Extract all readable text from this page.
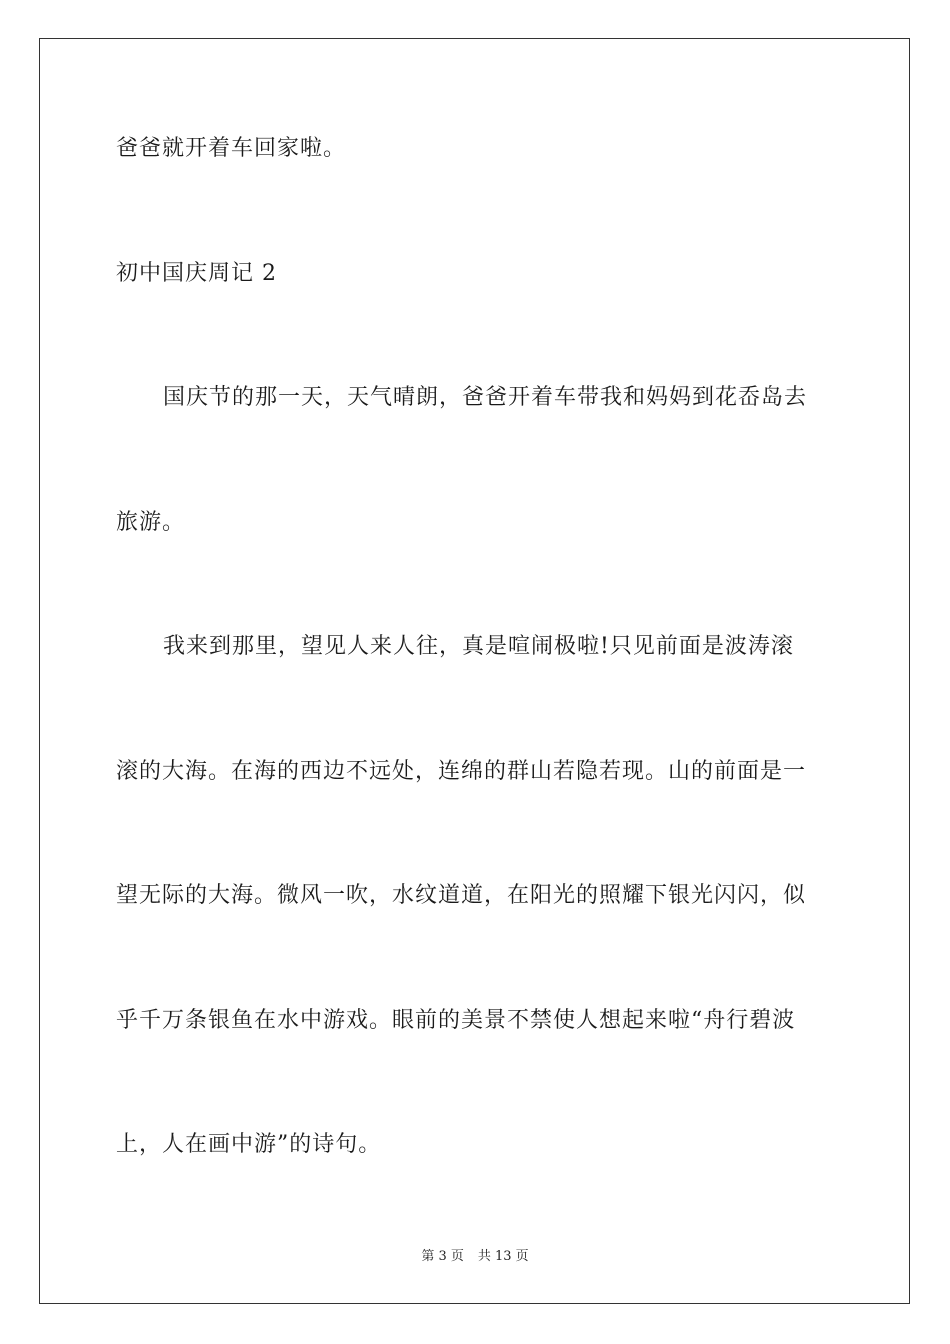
爸爸就开着车回家啦。
初中国庆周记 2
国庆节的那一天，天气晴朗，爸爸开着车带我和妈妈到花岙岛去
旅游。
我来到那里，望见人来人往，真是喧闹极啦!只见前面是波涛滚
滚的大海。在海的西边不远处，连绵的群山若隐若现。山的前面是一
望无际的大海。微风一吹，水纹道道，在阳光的照耀下银光闪闪，似
乎千万条银鱼在水中游戏。眼前的美景不禁使人想起来啦“舟行碧波
上，人在画中游”的诗句。
第 3 页 共 13 页
